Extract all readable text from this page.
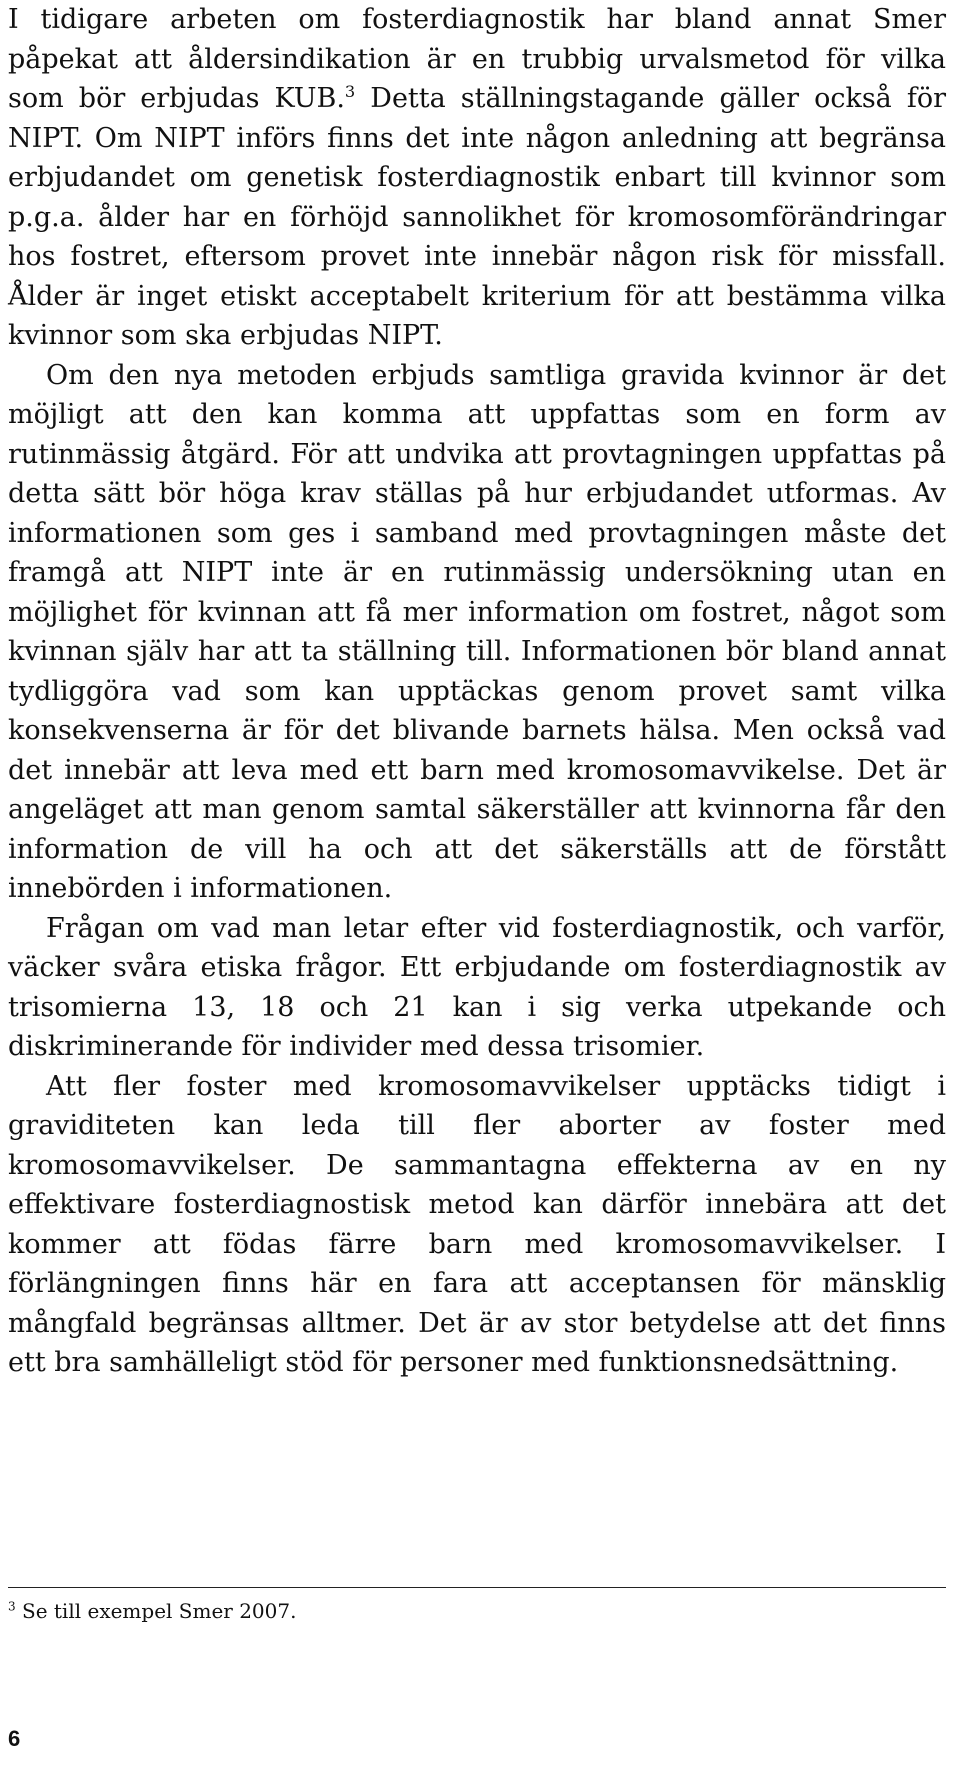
I tidigare arbeten om fosterdiagnostik har bland annat Smer påpekat att åldersindikation är en trubbig urvalsmetod för vilka som bör erbjudas KUB.$^3$ Detta ställningstagande gäller också för NIPT. Om NIPT införs finns det inte någon anledning att begränsa erbjudandet om genetisk fosterdiagnostik enbart till kvinnor som p.g.a. ålder har en förhöjd sannolikhet för kromosomförändringar hos fostret, eftersom provet inte innebär någon risk för missfall. Ålder är inget etiskt acceptabelt kriterium för att bestämma vilka kvinnor som ska erbjudas NIPT.

Om den nya metoden erbjuds samtliga gravida kvinnor är det möjligt att den kan komma att uppfattas som en form av rutinmässig åtgärd. För att undvika att provtagningen uppfattas på detta sätt bör höga krav ställas på hur erbjudandet utformas. Av informationen som ges i samband med provtagningen måste det framgå att NIPT inte är en rutinmässig undersökning utan en möjlighet för kvinnan att få mer information om fostret, något som kvinnan själv har att ta ställning till. Informationen bör bland annat tydliggöra vad som kan upptäckas genom provet samt vilka konsekvenserna är för det blivande barnets hälsa. Men också vad det innebär att leva med ett barn med kromosomavvikelse. Det är angeläget att man genom samtal säkerställer att kvinnorna får den information de vill ha och att det säkerställs att de förstått innebörden i informationen.

Frågan om vad man letar efter vid fosterdiagnostik, och varför, väcker svåra etiska frågor. Ett erbjudande om fosterdiagnostik av trisomierna 13, 18 och 21 kan i sig verka utpekande och diskriminerande för individer med dessa trisomier.

Att fler foster med kromosomavvikelser upptäcks tidigt i graviditeten kan leda till fler aborter av foster med kromosomavvikelser. De sammantagna effekterna av en ny effektivare fosterdiagnostisk metod kan därför innebära att det kommer att födas färre barn med kromosomavvikelser. I förlängningen finns här en fara att acceptansen för mänsklig mångfald begränsas alltmer. Det är av stor betydelse att det finns ett bra samhälleligt stöd för personer med funktionsnedsättning.

$^3$ Se till exempel Smer 2007.
6
